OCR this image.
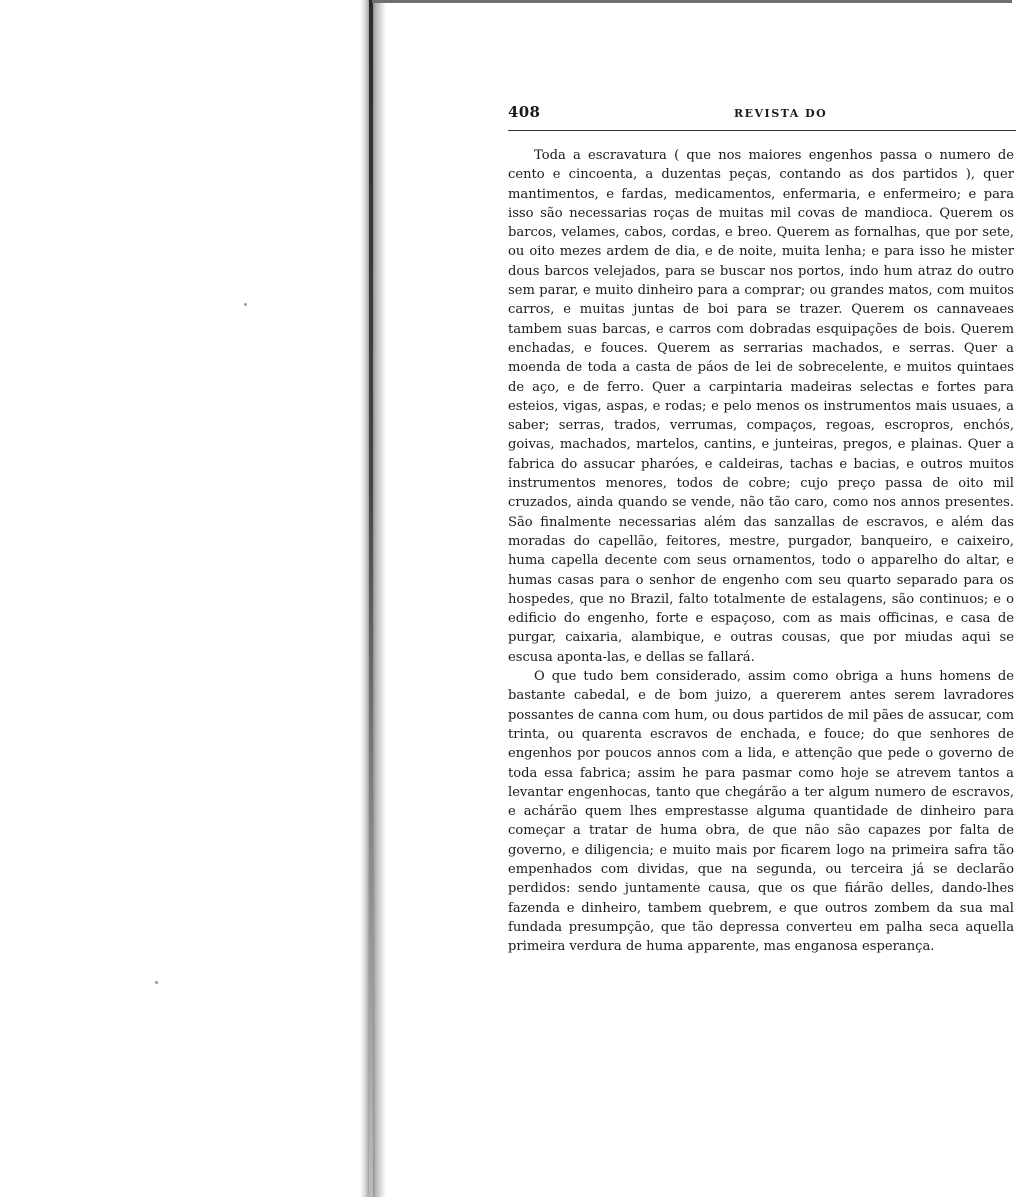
408	REVISTA DO

Toda a escravatura ( que nos maiores engenhos passa o numero de cento e cincoenta, a duzentas peças, contando as dos partidos ), quer mantimentos, e fardas, medicamentos, enfermaria, e enfermeiro; e para isso são necessarias roças de muitas mil covas de mandioca. Querem os barcos, velames, cabos, cordas, e breo. Querem as fornalhas, que por sete, ou oito mezes ardem de dia, e de noite, muita lenha; e para isso he mister dous barcos velejados, para se buscar nos portos, indo hum atraz do outro sem parar, e muito dinheiro para a comprar; ou grandes matos, com muitos carros, e muitas juntas de boi para se trazer. Querem os cannaveaes tambem suas barcas, e carros com dobradas esquipações de bois. Querem enchadas, e fouces. Querem as serrarias machados, e serras. Quer a moenda de toda a casta de páos de lei de sobrecelente, e muitos quintaes de aço, e de ferro. Quer a carpintaria madeiras selectas e fortes para esteios, vigas, aspas, e rodas; e pelo menos os instrumentos mais usuaes, a saber; serras, trados, verrumas, compaços, regoas, escropros, enchós, goivas, machados, martelos, cantins, e junteiras, pregos, e plainas. Quer a fabrica do assucar pharóes, e caldeiras, tachas e bacias, e outros muitos instrumentos menores, todos de cobre; cujo preço passa de oito mil cruzados, ainda quando se vende, não tão caro, como nos annos presentes. São finalmente necessarias além das sanzallas de escravos, e além das moradas do capellão, feitores, mestre, purgador, banqueiro, e caixeiro, huma capella decente com seus ornamentos, todo o apparelho do altar, e humas casas para o senhor de engenho com seu quarto separado para os hospedes, que no Brazil, falto totalmente de estalagens, são continuos; e o edificio do engenho, forte e espaçoso, com as mais officinas, e casa de purgar, caixaria, alambique, e outras cousas, que por miudas aqui se escusa aponta-las, e dellas se fallará.

O que tudo bem considerado, assim como obriga a huns homens de bastante cabedal, e de bom juizo, a quererem antes serem lavradores possantes de canna com hum, ou dous partidos de mil pães de assucar, com trinta, ou quarenta escravos de enchada, e fouce; do que senhores de engenhos por poucos annos com a lida, e attenção que pede o governo de toda essa fabrica; assim he para pasmar como hoje se atrevem tantos a levantar engenhocas, tanto que chegárão a ter algum numero de escravos, e achárão quem lhes emprestasse alguma quantidade de dinheiro para começar a tratar de huma obra, de que não são capazes por falta de governo, e diligencia; e muito mais por ficarem logo na primeira safra tão empenhados com dividas, que na segunda, ou terceira já se declarão perdidos: sendo juntamente causa, que os que fiárão delles, dando-lhes fazenda e dinheiro, tambem quebrem, e que outros zombem da sua mal fundada presumpção, que tão depressa converteu em palha seca aquella primeira verdura de huma apparente, mas enganosa esperança.
